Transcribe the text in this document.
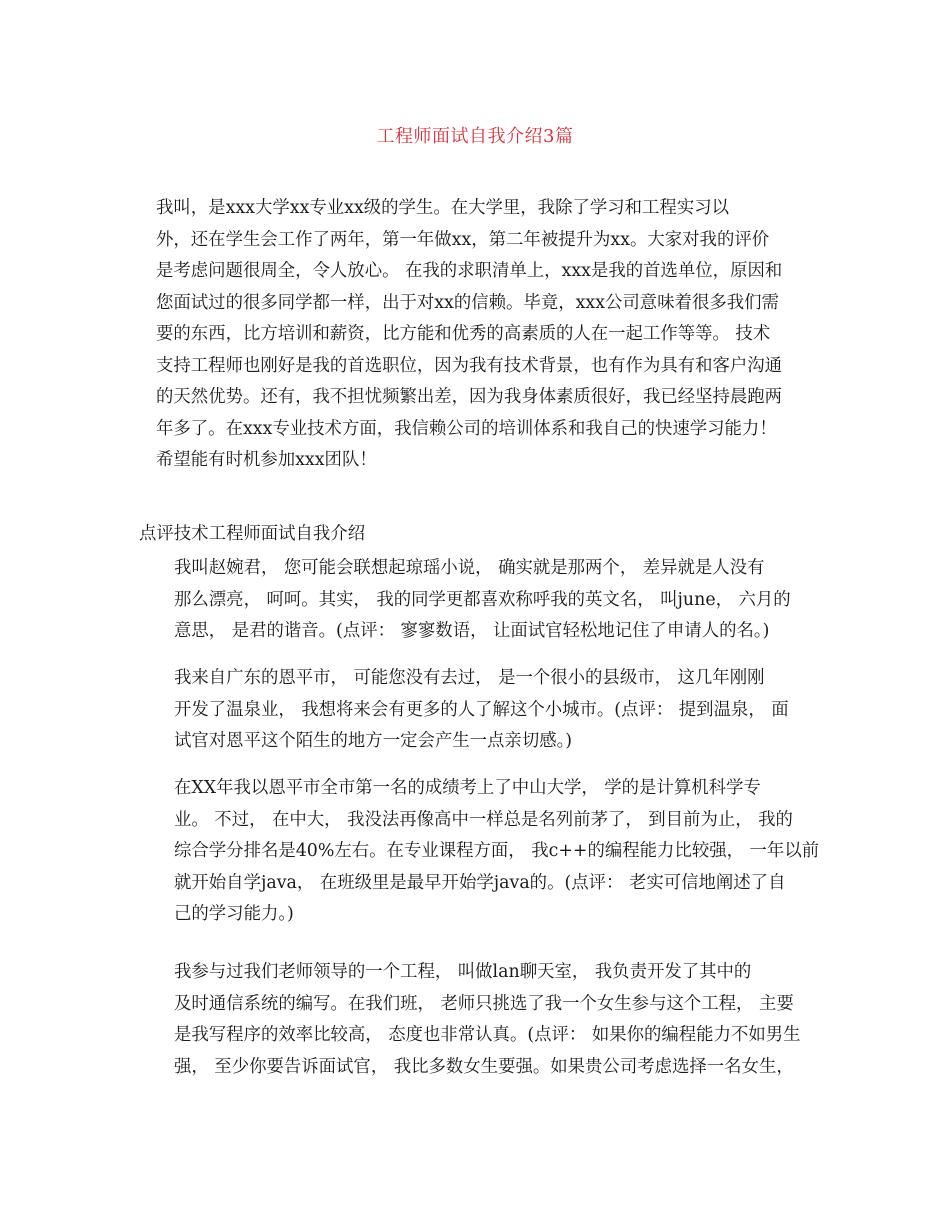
工程师面试自我介绍3篇

我叫，是xxx大学xx专业xx级的学生。在大学里，我除了学习和工程实习以
外，还在学生会工作了两年，第一年做xx，第二年被提升为xx。大家对我的评价
是考虑问题很周全，令人放心。 在我的求职清单上，xxx是我的首选单位，原因和
您面试过的很多同学都一样，出于对xx的信赖。毕竟，xxx公司意味着很多我们需
要的东西，比方培训和薪资，比方能和优秀的高素质的人在一起工作等等。 技术
支持工程师也刚好是我的首选职位，因为我有技术背景，也有作为具有和客户沟通
的天然优势。还有，我不担忧频繁出差，因为我身体素质很好，我已经坚持晨跑两
年多了。在xxx专业技术方面，我信赖公司的培训体系和我自己的快速学习能力！
希望能有时机参加xxx团队！

点评技术工程师面试自我介绍

我叫赵婉君， 您可能会联想起琼瑶小说， 确实就是那两个， 差异就是人没有
那么漂亮， 呵呵。其实， 我的同学更都喜欢称呼我的英文名， 叫june， 六月的
意思， 是君的谐音。(点评： 寥寥数语， 让面试官轻松地记住了申请人的名。)

我来自广东的恩平市， 可能您没有去过， 是一个很小的县级市， 这几年刚刚
开发了温泉业， 我想将来会有更多的人了解这个小城市。(点评： 提到温泉， 面
试官对恩平这个陌生的地方一定会产生一点亲切感。)

在XX年我以恩平市全市第一名的成绩考上了中山大学， 学的是计算机科学专
业。 不过， 在中大， 我没法再像高中一样总是名列前茅了， 到目前为止， 我的
综合学分排名是40%左右。在专业课程方面， 我c++的编程能力比较强， 一年以前
就开始自学java， 在班级里是最早开始学java的。(点评： 老实可信地阐述了自
己的学习能力。)

我参与过我们老师领导的一个工程， 叫做lan聊天室， 我负责开发了其中的
及时通信系统的编写。在我们班， 老师只挑选了我一个女生参与这个工程， 主要
是我写程序的效率比较高， 态度也非常认真。(点评： 如果你的编程能力不如男生
强， 至少你要告诉面试官， 我比多数女生要强。如果贵公司考虑选择一名女生，
